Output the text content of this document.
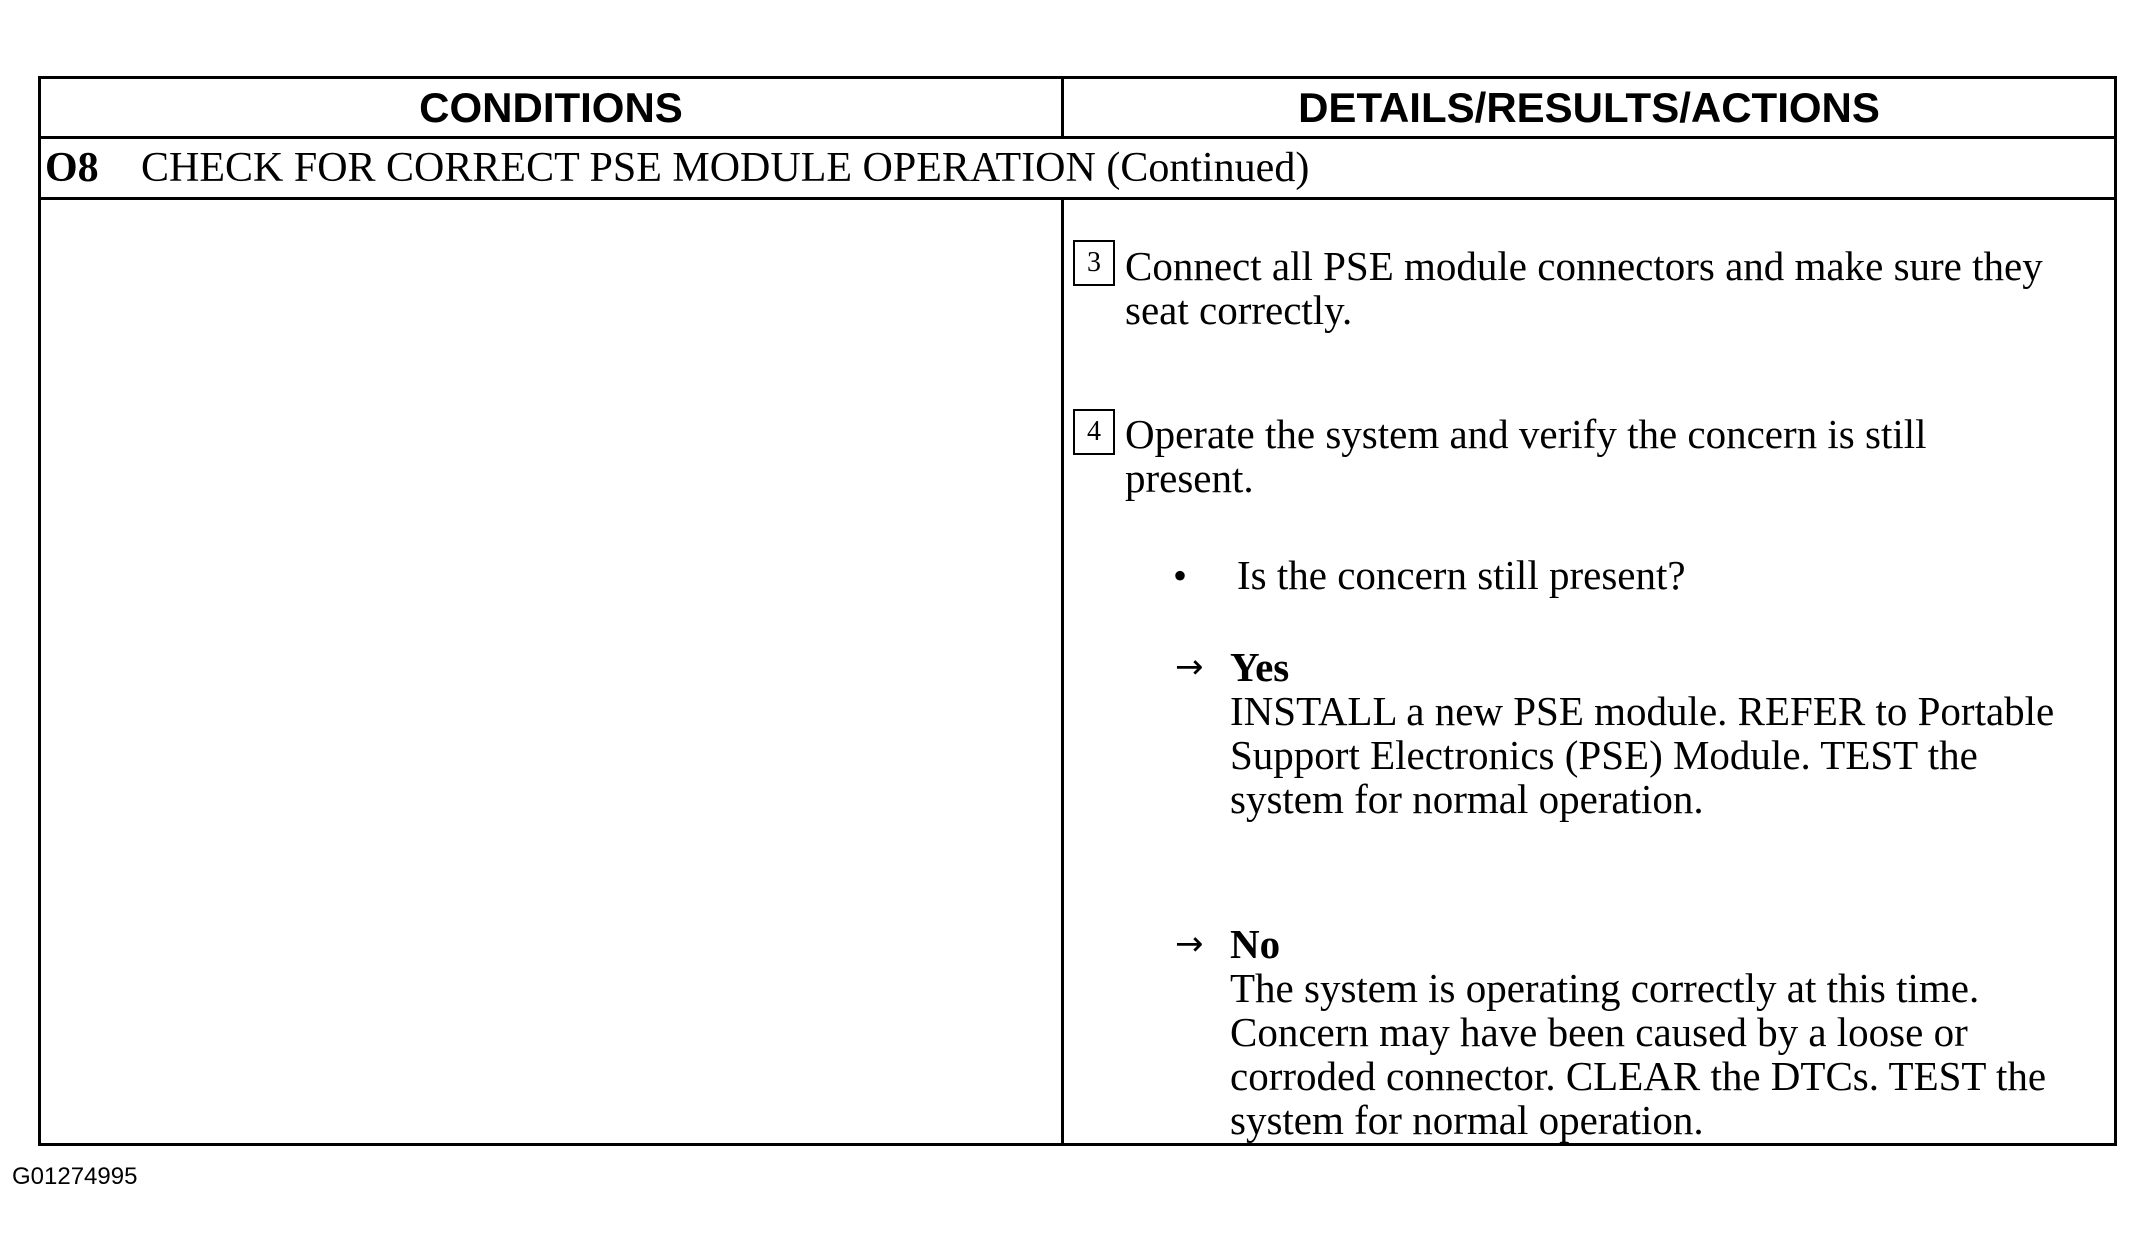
CONDITIONS	DETAILS/RESULTS/ACTIONS
O8	CHECK FOR CORRECT PSE MODULE OPERATION (Continued)
3 Connect all PSE module connectors and make sure they seat correctly.
4 Operate the system and verify the concern is still present.
• Is the concern still present?
→ Yes
INSTALL a new PSE module. REFER to Portable Support Electronics (PSE) Module. TEST the system for normal operation.
→ No
The system is operating correctly at this time. Concern may have been caused by a loose or corroded connector. CLEAR the DTCs. TEST the system for normal operation.
G01274995
